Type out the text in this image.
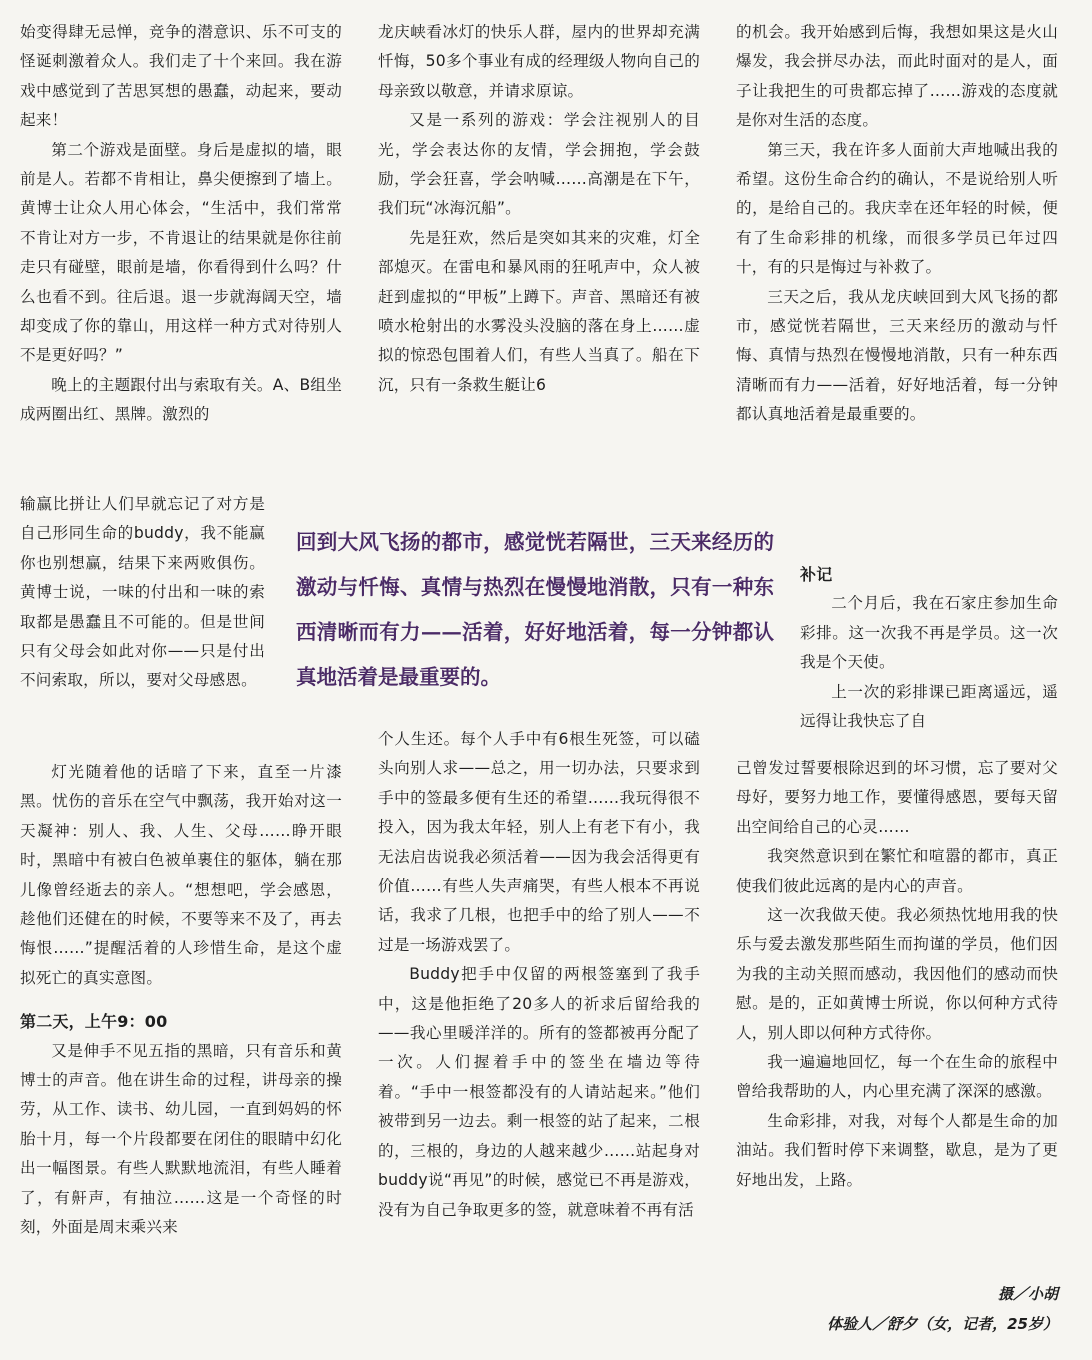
始变得肆无忌惮，竞争的潜意识、乐不可支的怪诞刺激着众人。我们走了十个来回。我在游戏中感觉到了苦思冥想的愚蠢，动起来，要动起来！

第二个游戏是面壁。身后是虚拟的墙，眼前是人。若都不肯相让，鼻尖便擦到了墙上。黄博士让众人用心体会，“生活中，我们常常不肯让对方一步，不肯退让的结果就是你往前走只有碰壁，眼前是墙，你看得到什么吗？什么也看不到。往后退。退一步就海阔天空，墙却变成了你的靠山，用这样一种方式对待别人不是更好吗？”

晚上的主题跟付出与索取有关。A、B组坐成两圈出红、黑牌。激烈的

输赢比拼让人们早就忘记了对方是自己形同生命的buddy，我不能赢你也别想赢，结果下来两败俱伤。黄博士说，一味的付出和一味的索取都是愚蠢且不可能的。但是世间只有父母会如此对你——只是付出不问索取，所以，要对父母感恩。

灯光随着他的话暗了下来，直至一片漆黑。忧伤的音乐在空气中飘荡，我开始对这一天凝神：别人、我、人生、父母……睁开眼时，黑暗中有被白色被单裹住的躯体，躺在那儿像曾经逝去的亲人。“想想吧，学会感恩，趁他们还健在的时候，不要等来不及了，再去悔恨……”提醒活着的人珍惜生命，是这个虚拟死亡的真实意图。

第二天，上午9：00

又是伸手不见五指的黑暗，只有音乐和黄博士的声音。他在讲生命的过程，讲母亲的操劳，从工作、读书、幼儿园，一直到妈妈的怀胎十月，每一个片段都要在闭住的眼睛中幻化出一幅图景。有些人默默地流泪，有些人睡着了，有鼾声，有抽泣……这是一个奇怪的时刻，外面是周末乘兴来

龙庆峡看冰灯的快乐人群，屋内的世界却充满忏悔，50多个事业有成的经理级人物向自己的母亲致以敬意，并请求原谅。

又是一系列的游戏：学会注视别人的目光，学会表达你的友情，学会拥抱，学会鼓励，学会狂喜，学会呐喊……高潮是在下午，我们玩“冰海沉船”。

先是狂欢，然后是突如其来的灾难，灯全部熄灭。在雷电和暴风雨的狂吼声中，众人被赶到虚拟的“甲板”上蹲下。声音、黑暗还有被喷水枪射出的水雾没头没脑的落在身上……虚拟的惊恐包围着人们，有些人当真了。船在下沉，只有一条救生艇让6

个人生还。每个人手中有6根生死签，可以磕头向别人求——总之，用一切办法，只要求到手中的签最多便有生还的希望……我玩得很不投入，因为我太年轻，别人上有老下有小，我无法启齿说我必须活着——因为我会活得更有价值……有些人失声痛哭，有些人根本不再说话，我求了几根，也把手中的给了别人——不过是一场游戏罢了。

Buddy把手中仅留的两根签塞到了我手中，这是他拒绝了20多人的祈求后留给我的——我心里暖洋洋的。所有的签都被再分配了一次。人们握着手中的签坐在墙边等待着。“手中一根签都没有的人请站起来。”他们被带到另一边去。剩一根签的站了起来，二根的，三根的，身边的人越来越少……站起身对buddy说“再见”的时候，感觉已不再是游戏，没有为自己争取更多的签，就意味着不再有活

的机会。我开始感到后悔，我想如果这是火山爆发，我会拼尽办法，而此时面对的是人，面子让我把生的可贵都忘掉了……游戏的态度就是你对生活的态度。

第三天，我在许多人面前大声地喊出我的希望。这份生命合约的确认，不是说给别人听的，是给自己的。我庆幸在还年轻的时候，便有了生命彩排的机缘，而很多学员已年过四十，有的只是悔过与补救了。

三天之后，我从龙庆峡回到大风飞扬的都市，感觉恍若隔世，三天来经历的激动与忏悔、真情与热烈在慢慢地消散，只有一种东西清晰而有力——活着，好好地活着，每一分钟都认真地活着是最重要的。

补记

二个月后，我在石家庄参加生命彩排。这一次我不再是学员。这一次我是个天使。

上一次的彩排课已距离遥远，遥远得让我快忘了自

己曾发过誓要根除迟到的坏习惯，忘了要对父母好，要努力地工作，要懂得感恩，要每天留出空间给自己的心灵……

我突然意识到在繁忙和喧嚣的都市，真正使我们彼此远离的是内心的声音。

这一次我做天使。我必须热忱地用我的快乐与爱去激发那些陌生而拘谨的学员，他们因为我的主动关照而感动，我因他们的感动而快慰。是的，正如黄博士所说，你以何种方式待人，别人即以何种方式待你。

我一遍遍地回忆，每一个在生命的旅程中曾给我帮助的人，内心里充满了深深的感激。

生命彩排，对我，对每个人都是生命的加油站。我们暂时停下来调整，歇息，是为了更好地出发，上路。

回到大风飞扬的都市，感觉恍若隔世，三天来经历的激动与忏悔、真情与热烈在慢慢地消散，只有一种东西清晰而有力——活着，好好地活着，每一分钟都认真地活着是最重要的。

摄／小胡
体验人／舒夕（女，记者，25岁）
